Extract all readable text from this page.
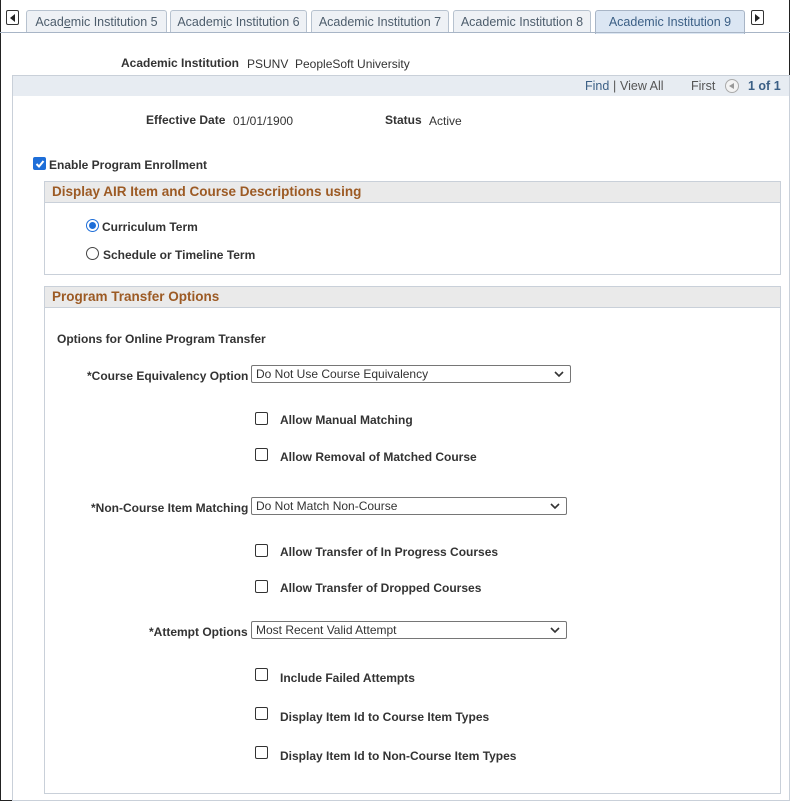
Academic Institution 5	Academic Institution 6	Academic Institution 7	Academic Institution 8	Academic Institution 9
Academic Institution PSUNV PeopleSoft University
Find | View All First	1 of 1
Effective Date 01/01/1900	Status Active
Enable Program Enrollment
Display AIR Item and Course Descriptions using
Curriculum Term
Schedule or Timeline Term
Program Transfer Options
Options for Online Program Transfer
*Course Equivalency Option Do Not Use Course Equivalency
Allow Manual Matching
Allow Removal of Matched Course
*Non-Course Item Matching Do Not Match Non-Course
Allow Transfer of In Progress Courses
Allow Transfer of Dropped Courses
*Attempt Options Most Recent Valid Attempt
Include Failed Attempts
Display Item Id to Course Item Types
Display Item Id to Non-Course Item Types
